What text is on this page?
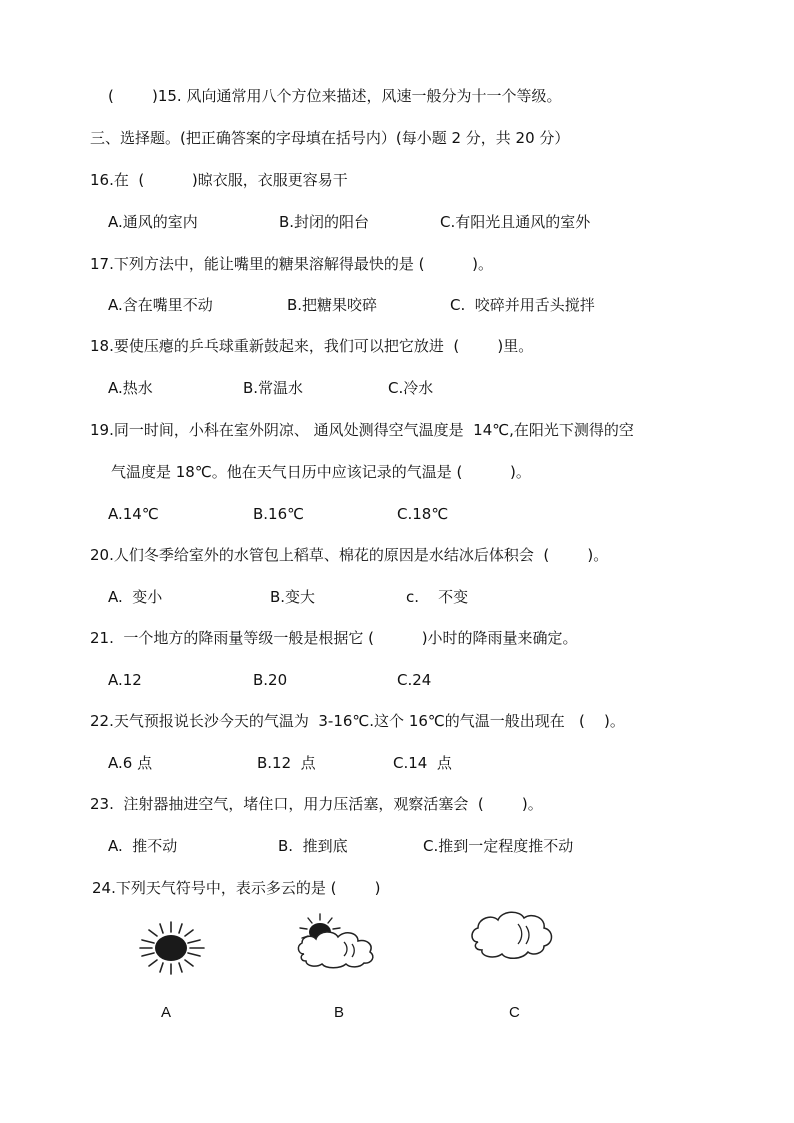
(        )15. 风向通常用八个方位来描述，风速一般分为十一个等级。
三、选择题。(把正确答案的字母填在括号内）(每小题 2 分，共 20 分）
16.在  (          )晾衣服，衣服更容易干
A.通风的室内	B.封闭的阳台	C.有阳光且通风的室外
17.下列方法中，能让嘴里的糖果溶解得最快的是 (          )。
A.含在嘴里不动	B.把糖果咬碎	C.  咬碎并用舌头搅拌
18.要使压瘪的乒乓球重新鼓起来，我们可以把它放进  (        )里。
A.热水	B.常温水	C.冷水
19.同一时间，小科在室外阴凉、 通风处测得空气温度是  14℃,在阳光下测得的空
气温度是 18℃。他在天气日历中应该记录的气温是 (          )。
A.14℃	B.16℃	C.18℃
20.人们冬季给室外的水管包上稻草、棉花的原因是水结冰后体积会  (        )。
A.  变小	B.变大	c.    不变
21.  一个地方的降雨量等级一般是根据它 (          )小时的降雨量来确定。
A.12	B.20	C.24
22.天气预报说长沙今天的气温为  3-16℃.这个 16℃的气温一般出现在   (    )。
A.6 点	B.12  点	C.14  点
23.  注射器抽进空气，堵住口，用力压活塞，观察活塞会  (        )。
A.  推不动	B.  推到底	C.推到一定程度推不动
24.下列天气符号中，表示多云的是 (        )
A	B	C
